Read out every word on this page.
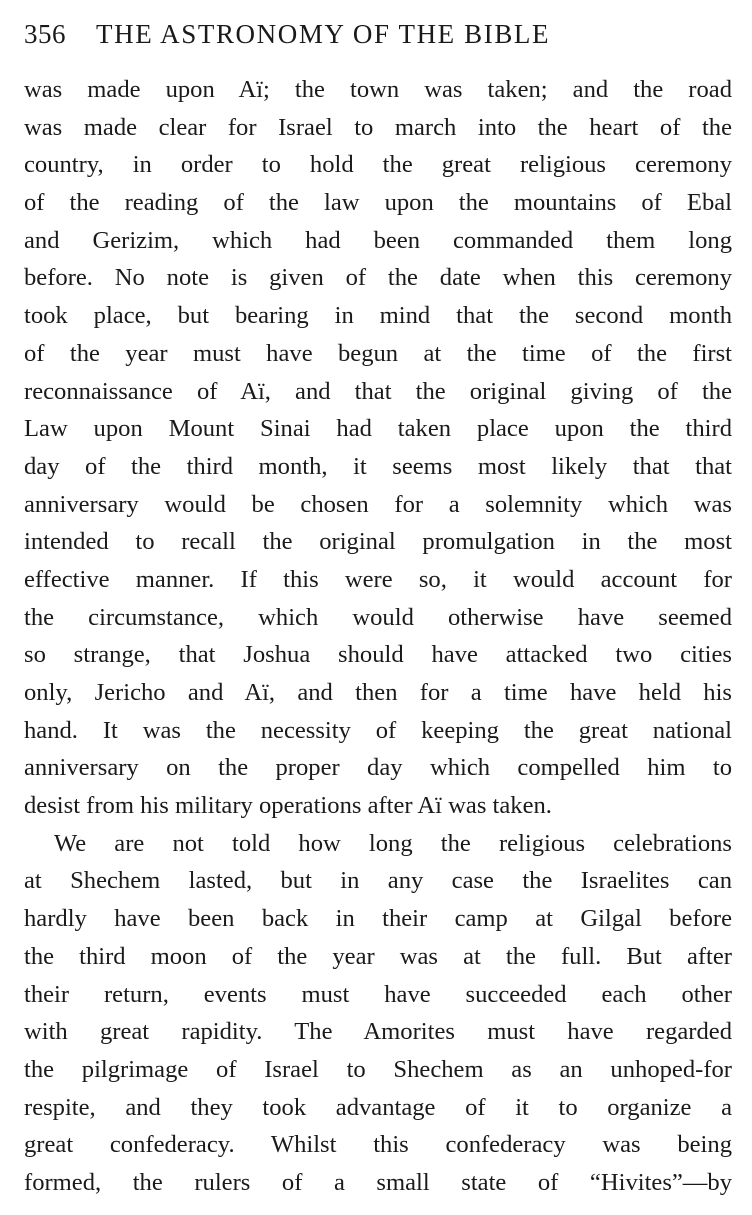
356 THE ASTRONOMY OF THE BIBLE
was made upon Aï; the town was taken; and the road
was made clear for Israel to march into the heart of the
country, in order to hold the great religious ceremony
of the reading of the law upon the mountains of Ebal
and Gerizim, which had been commanded them long
before. No note is given of the date when this ceremony
took place, but bearing in mind that the second month
of the year must have begun at the time of the first
reconnaissance of Aï, and that the original giving of the
Law upon Mount Sinai had taken place upon the third
day of the third month, it seems most likely that that
anniversary would be chosen for a solemnity which was
intended to recall the original promulgation in the most
effective manner. If this were so, it would account for
the circumstance, which would otherwise have seemed
so strange, that Joshua should have attacked two cities
only, Jericho and Aï, and then for a time have held his
hand. It was the necessity of keeping the great national
anniversary on the proper day which compelled him to
desist from his military operations after Aï was taken.
We are not told how long the religious celebrations
at Shechem lasted, but in any case the Israelites can
hardly have been back in their camp at Gilgal before
the third moon of the year was at the full. But after
their return, events must have succeeded each other
with great rapidity. The Amorites must have regarded
the pilgrimage of Israel to Shechem as an unhoped-for
respite, and they took advantage of it to organize a
great confederacy. Whilst this confederacy was being
formed, the rulers of a small state of “Hivites”—by
